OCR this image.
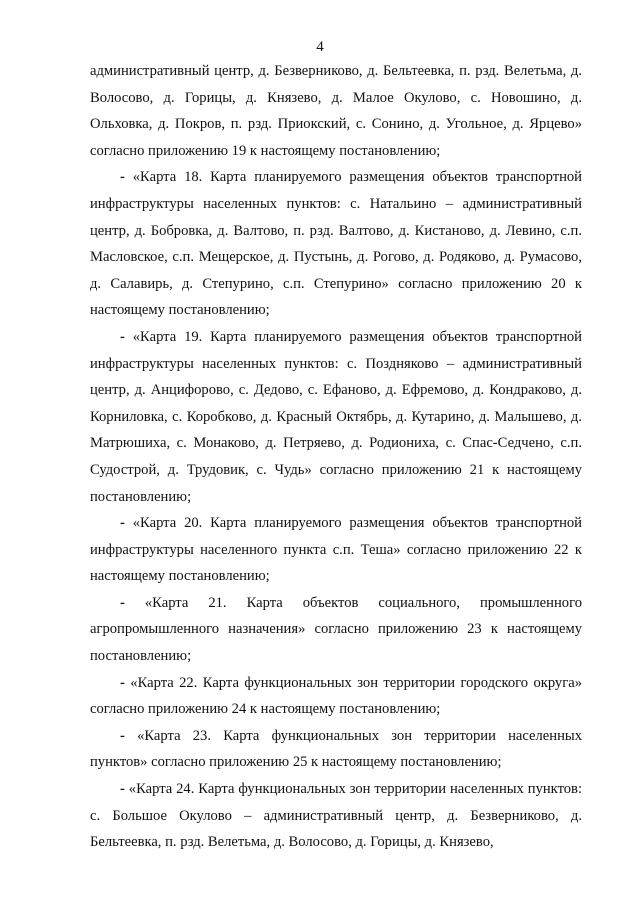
4

административный центр, д. Безверниково, д. Бельтеевка, п. рзд. Велетьма, д. Волосово, д. Горицы, д. Князево, д. Малое Окулово, с. Новошино, д. Ольховка, д. Покров, п. рзд. Приокский, с. Сонино, д. Угольное, д. Ярцево» согласно приложению 19 к настоящему постановлению;

- «Карта 18. Карта планируемого размещения объектов транспортной инфраструктуры населенных пунктов: с. Натальино – административный центр, д. Бобровка, д. Валтово, п. рзд. Валтово, д. Кистаново, д. Левино, с.п. Масловское, с.п. Мещерское, д. Пустынь, д. Рогово, д. Родяково, д. Румасово, д. Салавирь, д. Степурино, с.п. Степурино» согласно приложению 20 к настоящему постановлению;

- «Карта 19. Карта планируемого размещения объектов транспортной инфраструктуры населенных пунктов: с. Поздняково – административный центр, д. Анцифорово, с. Дедово, с. Ефаново, д. Ефремово, д. Кондраково, д. Корниловка, с. Коробково, д. Красный Октябрь, д. Кутарино, д. Малышево, д. Матрюшиха, с. Монаково, д. Петряево, д. Родиониха, с. Спас-Седчено, с.п. Судострой, д. Трудовик, с. Чудь» согласно приложению 21 к настоящему постановлению;

- «Карта 20. Карта планируемого размещения объектов транспортной инфраструктуры населенного пункта с.п. Теша» согласно приложению 22 к настоящему постановлению;

- «Карта 21. Карта объектов социального, промышленного агропромышленного назначения» согласно приложению 23 к настоящему постановлению;

- «Карта 22. Карта функциональных зон территории городского округа» согласно приложению 24 к настоящему постановлению;

- «Карта 23. Карта функциональных зон территории населенных пунктов» согласно приложению 25 к настоящему постановлению;

- «Карта 24. Карта функциональных зон территории населенных пунктов: с. Большое Окулово – административный центр, д. Безверниково, д. Бельтеевка, п. рзд. Велетьма, д. Волосово, д. Горицы, д. Князево,
